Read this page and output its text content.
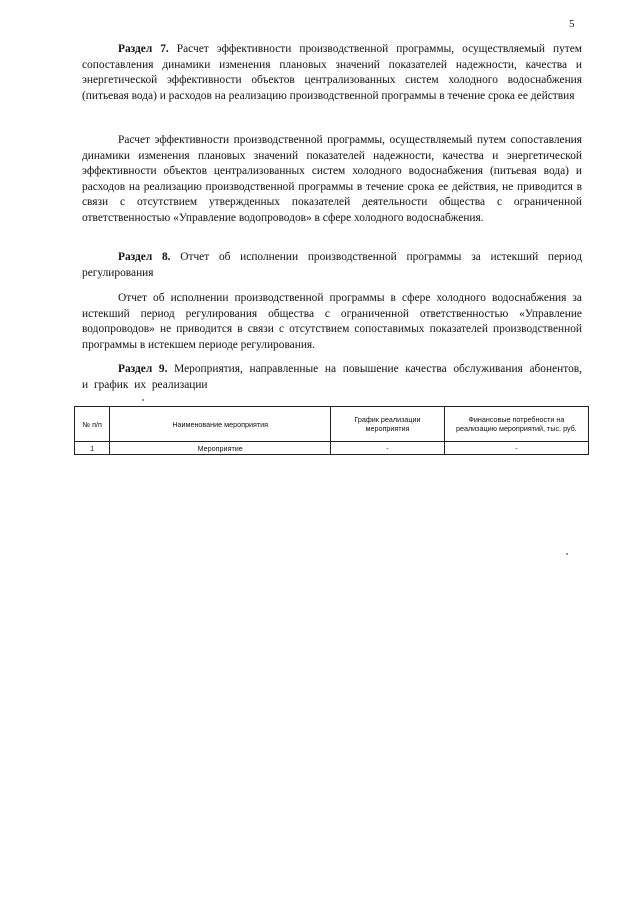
5
Раздел 7. Расчет эффективности производственной программы, осуществляемый путем сопоставления динамики изменения плановых значений показателей надежности, качества и энергетической эффективности объектов централизованных систем холодного водоснабжения (питьевая вода) и расходов на реализацию производственной программы в течение срока ее действия
Расчет эффективности производственной программы, осуществляемый путем сопоставления динамики изменения плановых значений показателей надежности, качества и энергетической эффективности объектов централизованных систем холодного водоснабжения (питьевая вода) и расходов на реализацию производственной программы в течение срока ее действия, не приводится в связи с отсутствием утвержденных показателей деятельности общества с ограниченной ответственностью «Управление водопроводов» в сфере холодного водоснабжения.
Раздел 8. Отчет об исполнении производственной программы за истекший период регулирования
Отчет об исполнении производственной программы в сфере холодного водоснабжения за истекший период регулирования общества с ограниченной ответственностью «Управление водопроводов» не приводится в связи с отсутствием сопоставимых показателей производственной программы в истекшем периоде регулирования.
Раздел 9. Мероприятия, направленные на повышение качества обслуживания абонентов, и график их реализации
№ п/п	Наименование мероприятия	График реализации мероприятия	Финансовые потребности на реализацию мероприятий, тыс. руб.
1	Мероприятие	-	-
